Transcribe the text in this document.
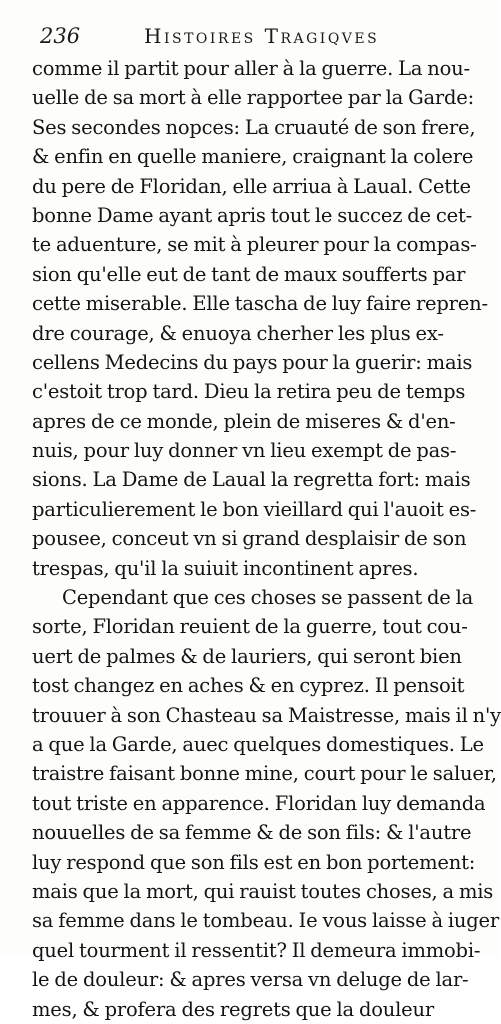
236	Histoires Tragiqves
comme il partit pour aller à la guerre. La nou-
uelle de sa mort à elle rapportee par la Garde:
Ses secondes nopces: La cruauté de son frere,
& enfin en quelle maniere, craignant la colere
du pere de Floridan, elle arriua à Laual. Cette
bonne Dame ayant apris tout le succez de cet-
te aduenture, se mit à pleurer pour la compas-
sion qu'elle eut de tant de maux soufferts par
cette miserable. Elle tascha de luy faire repren-
dre courage, & enuoya cherher les plus ex-
cellens Medecins du pays pour la guerir: mais
c'estoit trop tard. Dieu la retira peu de temps
apres de ce monde, plein de miseres & d'en-
nuis, pour luy donner vn lieu exempt de pas-
sions. La Dame de Laual la regretta fort: mais
particulierement le bon vieillard qui l'auoit es-
pousee, conceut vn si grand desplaisir de son
trespas, qu'il la suiuit incontinent apres.
Cependant que ces choses se passent de la
sorte, Floridan reuient de la guerre, tout cou-
uert de palmes & de lauriers, qui seront bien
tost changez en aches & en cyprez. Il pensoit
trouuer à son Chasteau sa Maistresse, mais il n'y
a que la Garde, auec quelques domestiques. Le
traistre faisant bonne mine, court pour le saluer,
tout triste en apparence. Floridan luy demanda
nouuelles de sa femme & de son fils: & l'autre
luy respond que son fils est en bon portement:
mais que la mort, qui rauist toutes choses, a mis
sa femme dans le tombeau. Ie vous laisse à iuger
quel tourment il ressentit? Il demeura immobi-
le de douleur: & apres versa vn deluge de lar-
mes, & profera des regrets que la douleur
